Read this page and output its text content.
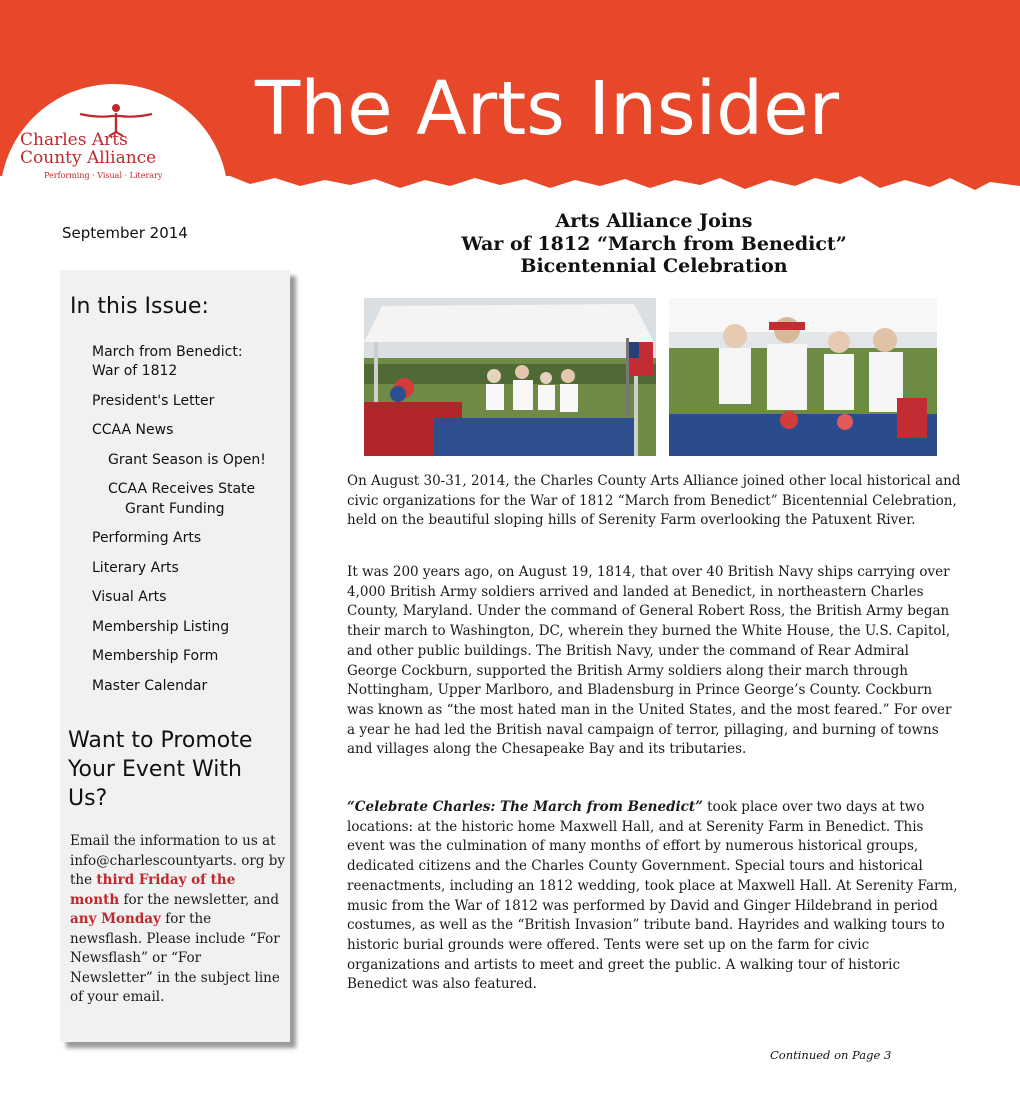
The Arts Insider
Charles Arts
County Alliance
Performing · Visual · Literary
September 2014
In this Issue:
March from Benedict:
War of 1812
President's Letter
CCAA News
Grant Season is Open!
CCAA Receives State
Grant Funding
Performing Arts
Literary Arts
Visual Arts
Membership Listing
Membership Form
Master Calendar
Want to Promote Your Event With Us?
Email the information to us at info@charlescountyarts. org by the third Friday of the month for the newsletter, and any Monday for the newsflash. Please include “For Newsflash” or “For Newsletter” in the subject line of your email.
Arts Alliance Joins
War of 1812 “March from Benedict”
Bicentennial Celebration

On August 30-31, 2014, the Charles County Arts Alliance joined other local historical and civic organizations for the War of 1812 “March from Benedict” Bicentennial Celebration, held on the beautiful sloping hills of Serenity Farm overlooking the Patuxent River.

It was 200 years ago, on August 19, 1814, that over 40 British Navy ships carrying over 4,000 British Army soldiers arrived and landed at Benedict, in northeastern Charles County, Maryland. Under the command of General Robert Ross, the British Army began their march to Washington, DC, wherein they burned the White House, the U.S. Capitol, and other public buildings. The British Navy, under the command of Rear Admiral George Cockburn, supported the British Army soldiers along their march through Nottingham, Upper Marlboro, and Bladensburg in Prince George’s County. Cockburn was known as “the most hated man in the United States, and the most feared.” For over a year he had led the British naval campaign of terror, pillaging, and burning of towns and villages along the Chesapeake Bay and its tributaries.

“Celebrate Charles: The March from Benedict” took place over two days at two locations: at the historic home Maxwell Hall, and at Serenity Farm in Benedict. This event was the culmination of many months of effort by numerous historical groups, dedicated citizens and the Charles County Government. Special tours and historical reenactments, including an 1812 wedding, took place at Maxwell Hall. At Serenity Farm, music from the War of 1812 was performed by David and Ginger Hildebrand in period costumes, as well as the “British Invasion” tribute band. Hayrides and walking tours to historic burial grounds were offered. Tents were set up on the farm for civic organizations and artists to meet and greet the public. A walking tour of historic Benedict was also featured.

Continued on Page 3
